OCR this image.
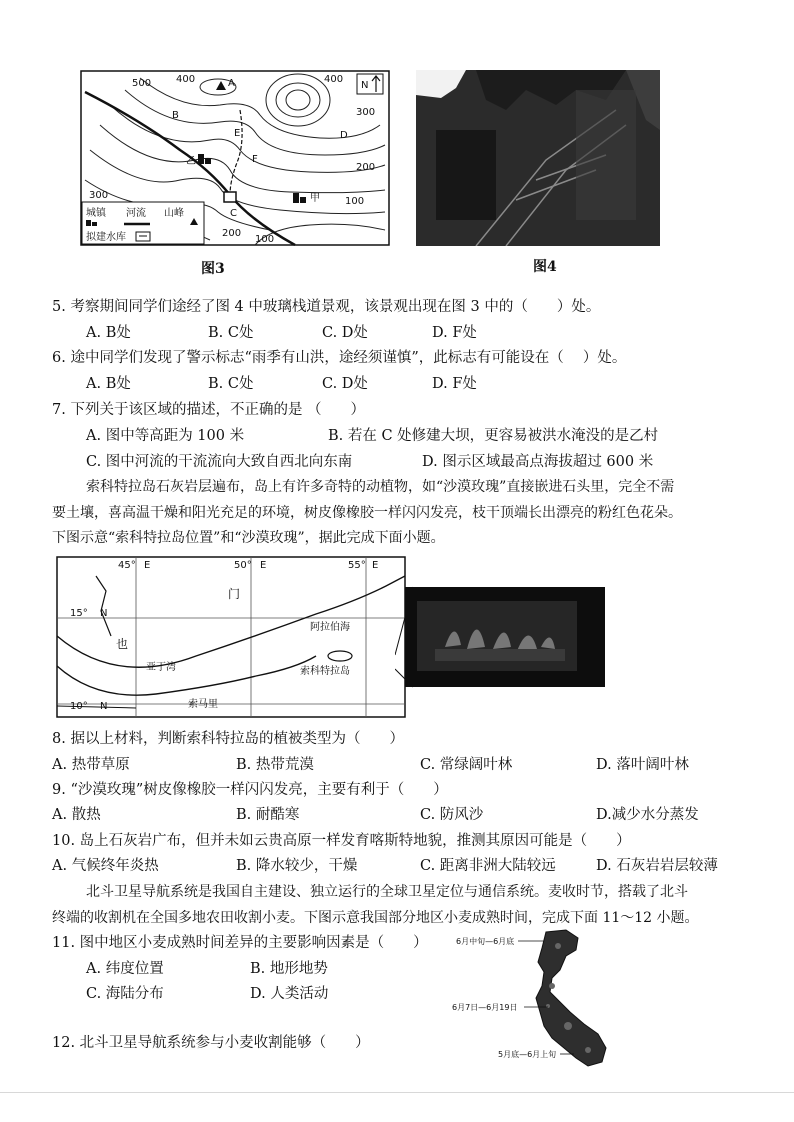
N
500 400	400
300
300
200
100
200
100
A
B
E	D
F
C
乙
甲
城镇 河流 山峰
拟建水库
图3	图4
5. 考察期间同学们途经了图 4 中玻璃栈道景观，该景观出现在图 3 中的（　　）处。
A. B处	B. C处	C. D处	D. F处
6. 途中同学们发现了警示标志“雨季有山洪，途经须谨慎”，此标志有可能设在（　 ）处。
A. B处	B. C处	C. D处	D. F处
7. 下列关于该区域的描述，不正确的是 （　　）
A. 图中等高距为 100 米	B. 若在 C 处修建大坝，更容易被洪水淹没的是乙村
C. 图中河流的干流流向大致自西北向东南	D. 图示区域最高点海拔超过 600 米
索科特拉岛石灰岩层遍布，岛上有许多奇特的动植物，如“沙漠玫瑰”直接嵌进石头里，完全不需
要土壤，喜高温干燥和阳光充足的环境，树皮像橡胶一样闪闪发亮，枝干顶端长出漂亮的粉红色花朵。
下图示意“索科特拉岛位置”和“沙漠玫瑰”，据此完成下面小题。
45° E	50° E	55° E
15° N
10° N
门
也
阿拉伯海
亚丁湾	索科特拉岛
索马里
8. 据以上材料，判断索科特拉岛的植被类型为（　　）
A. 热带草原	B. 热带荒漠	C. 常绿阔叶林	D. 落叶阔叶林
9. “沙漠玫瑰”树皮像橡胶一样闪闪发亮，主要有利于（　　）
A. 散热	B. 耐酷寒	C. 防风沙	D.减少水分蒸发
10. 岛上石灰岩广布，但并未如云贵高原一样发育喀斯特地貌，推测其原因可能是（　　）
A. 气候终年炎热	B. 降水较少，干燥	C. 距离非洲大陆较远	D. 石灰岩岩层较薄
北斗卫星导航系统是我国自主建设、独立运行的全球卫星定位与通信系统。麦收时节，搭载了北斗
终端的收割机在全国多地农田收割小麦。下图示意我国部分地区小麦成熟时间，完成下面 11～12 小题。
11. 图中地区小麦成熟时间差异的主要影响因素是（　　）
A. 纬度位置	B. 地形地势
C. 海陆分布	D. 人类活动
6月中旬—6月底
6月7日—6月19日
5月底—6月上旬
12. 北斗卫星导航系统参与小麦收割能够（　　）
